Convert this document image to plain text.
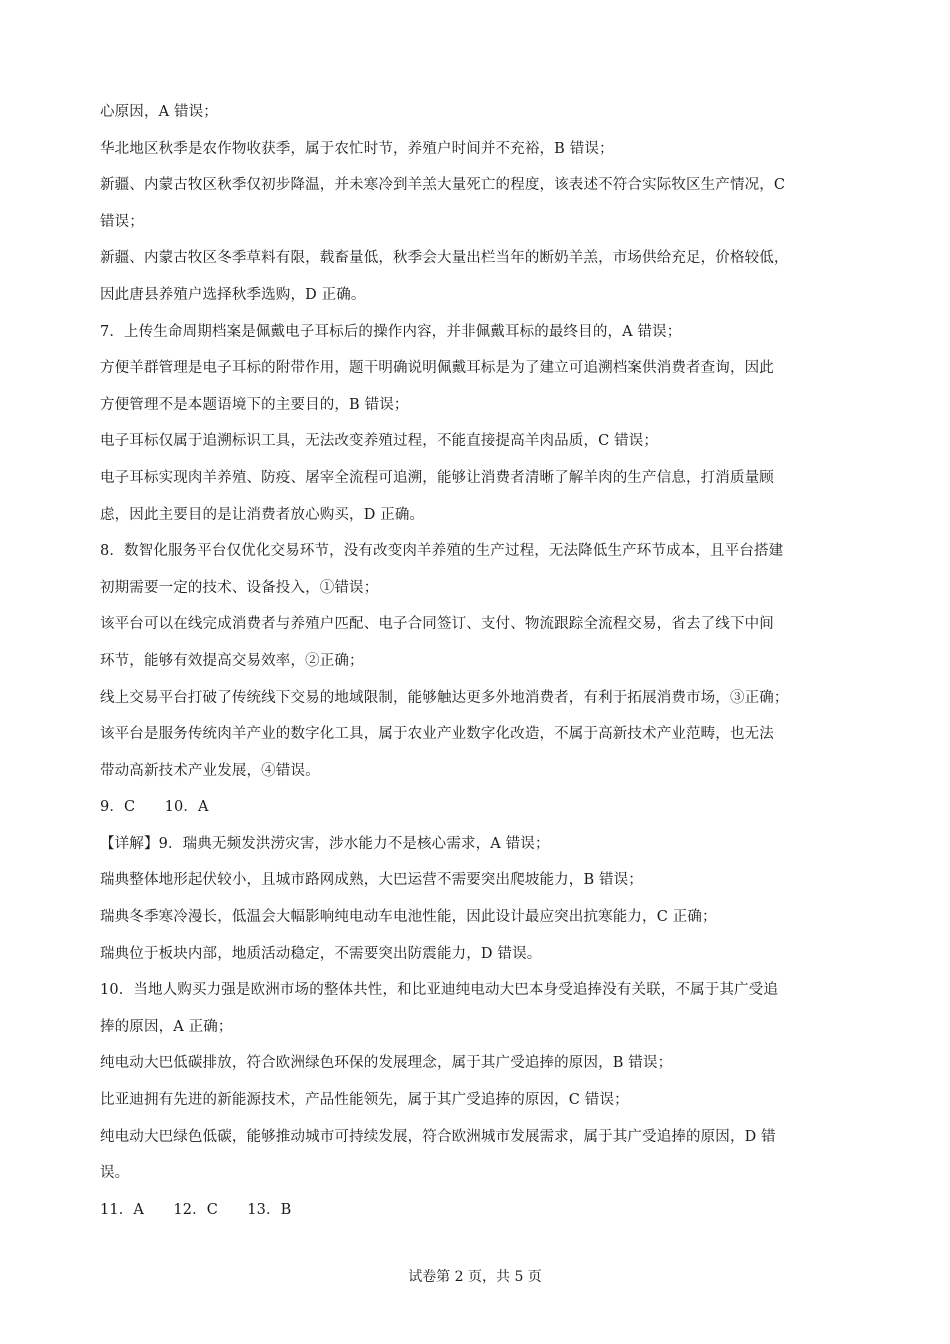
心原因，A 错误；
华北地区秋季是农作物收获季，属于农忙时节，养殖户时间并不充裕，B 错误；
新疆、内蒙古牧区秋季仅初步降温，并未寒冷到羊羔大量死亡的程度，该表述不符合实际牧区生产情况，C
错误；
新疆、内蒙古牧区冬季草料有限，载畜量低，秋季会大量出栏当年的断奶羊羔，市场供给充足，价格较低，
因此唐县养殖户选择秋季选购，D 正确。
7．上传生命周期档案是佩戴电子耳标后的操作内容，并非佩戴耳标的最终目的，A 错误；
方便羊群管理是电子耳标的附带作用，题干明确说明佩戴耳标是为了建立可追溯档案供消费者查询，因此
方便管理不是本题语境下的主要目的，B 错误；
电子耳标仅属于追溯标识工具，无法改变养殖过程，不能直接提高羊肉品质，C 错误；
电子耳标实现肉羊养殖、防疫、屠宰全流程可追溯，能够让消费者清晰了解羊肉的生产信息，打消质量顾
虑，因此主要目的是让消费者放心购买，D 正确。
8．数智化服务平台仅优化交易环节，没有改变肉羊养殖的生产过程，无法降低生产环节成本，且平台搭建
初期需要一定的技术、设备投入，①错误；
该平台可以在线完成消费者与养殖户匹配、电子合同签订、支付、物流跟踪全流程交易，省去了线下中间
环节，能够有效提高交易效率，②正确；
线上交易平台打破了传统线下交易的地域限制，能够触达更多外地消费者，有利于拓展消费市场，③正确；
该平台是服务传统肉羊产业的数字化工具，属于农业产业数字化改造，不属于高新技术产业范畴，也无法
带动高新技术产业发展，④错误。
9．C　　10．A
【详解】9．瑞典无频发洪涝灾害，涉水能力不是核心需求，A 错误；
瑞典整体地形起伏较小，且城市路网成熟，大巴运营不需要突出爬坡能力，B 错误；
瑞典冬季寒冷漫长，低温会大幅影响纯电动车电池性能，因此设计最应突出抗寒能力，C 正确；
瑞典位于板块内部，地质活动稳定，不需要突出防震能力，D 错误。
10．当地人购买力强是欧洲市场的整体共性，和比亚迪纯电动大巴本身受追捧没有关联，不属于其广受追
捧的原因，A 正确；
纯电动大巴低碳排放，符合欧洲绿色环保的发展理念，属于其广受追捧的原因，B 错误；
比亚迪拥有先进的新能源技术，产品性能领先，属于其广受追捧的原因，C 错误；
纯电动大巴绿色低碳，能够推动城市可持续发展，符合欧洲城市发展需求，属于其广受追捧的原因，D 错
误。
11．A　　12．C　　13．B
试卷第 2 页，共 5 页
